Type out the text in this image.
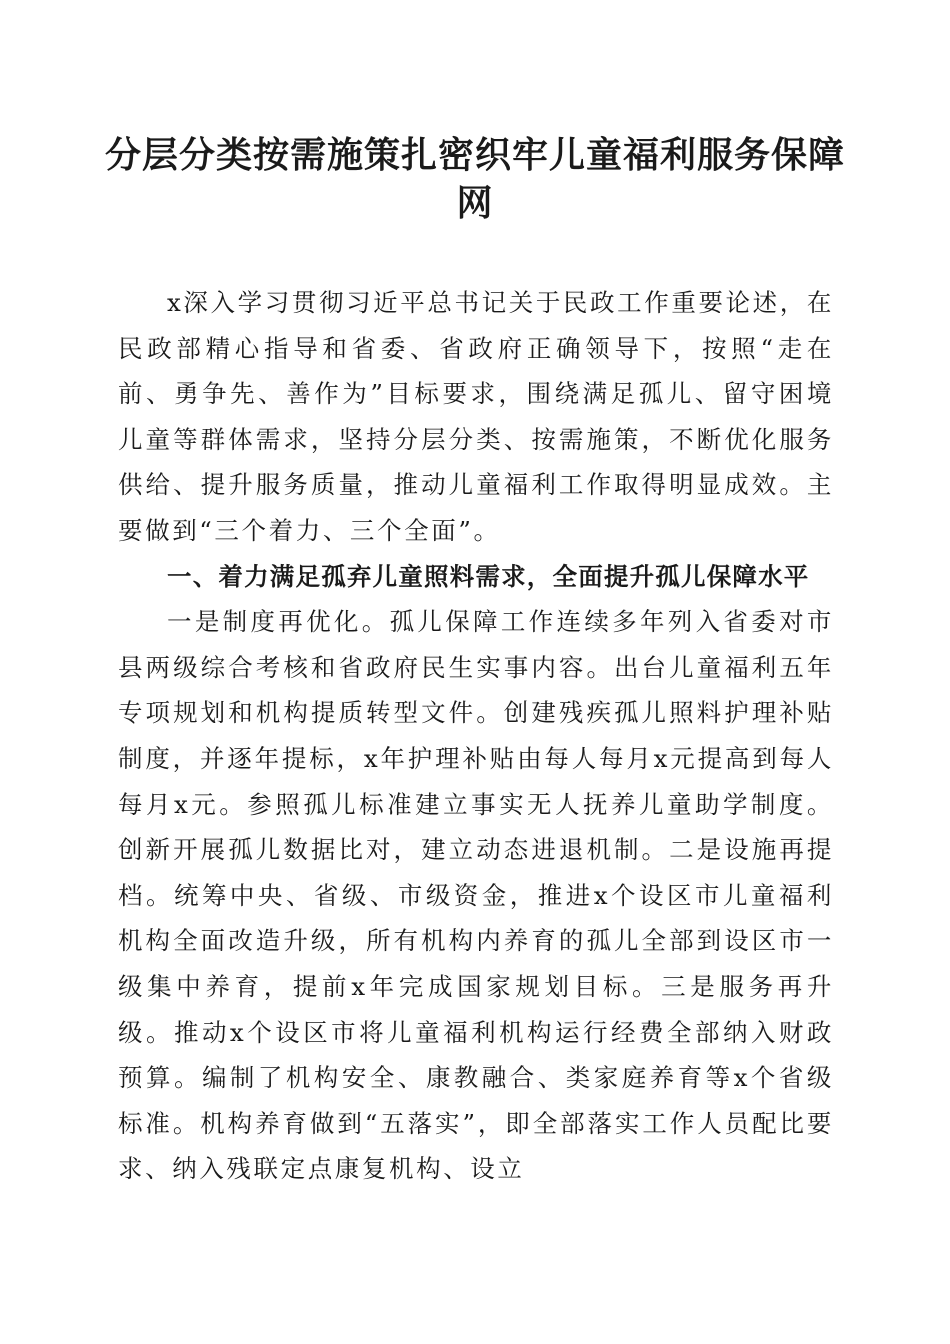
分层分类按需施策扎密织牢儿童福利服务保障网

x深入学习贯彻习近平总书记关于民政工作重要论述，在民政部精心指导和省委、省政府正确领导下，按照“走在前、勇争先、善作为”目标要求，围绕满足孤儿、留守困境儿童等群体需求，坚持分层分类、按需施策，不断优化服务供给、提升服务质量，推动儿童福利工作取得明显成效。主要做到“三个着力、三个全面”。

一、着力满足孤弃儿童照料需求，全面提升孤儿保障水平

一是制度再优化。孤儿保障工作连续多年列入省委对市县两级综合考核和省政府民生实事内容。出台儿童福利五年专项规划和机构提质转型文件。创建残疾孤儿照料护理补贴制度，并逐年提标，x年护理补贴由每人每月x元提高到每人每月x元。参照孤儿标准建立事实无人抚养儿童助学制度。创新开展孤儿数据比对，建立动态进退机制。二是设施再提档。统筹中央、省级、市级资金，推进x个设区市儿童福利机构全面改造升级，所有机构内养育的孤儿全部到设区市一级集中养育，提前x年完成国家规划目标。三是服务再升级。推动x个设区市将儿童福利机构运行经费全部纳入财政预算。编制了机构安全、康教融合、类家庭养育等x个省级标准。机构养育做到“五落实”，即全部落实工作人员配比要求、纳入残联定点康复机构、设立
